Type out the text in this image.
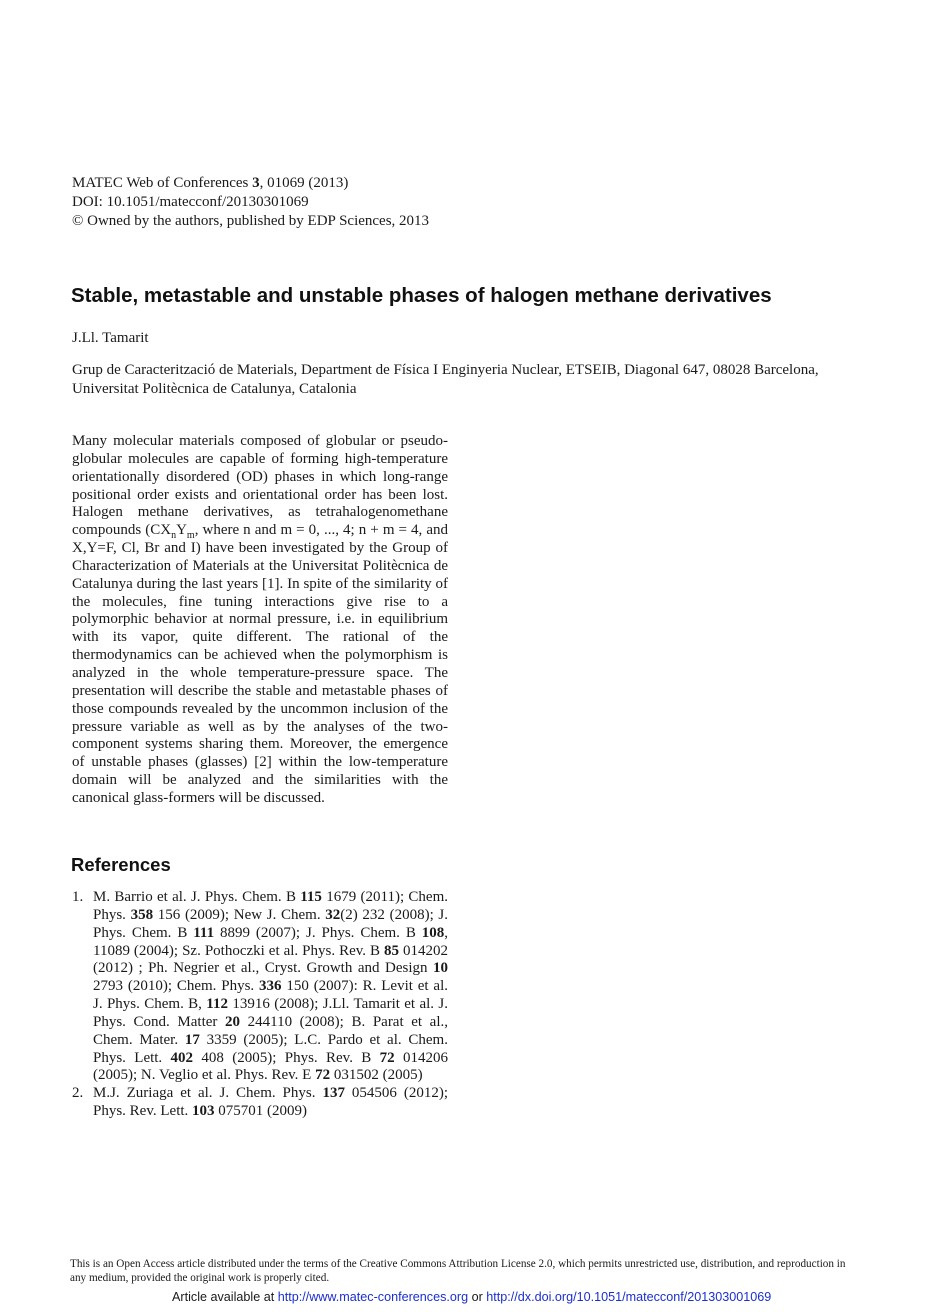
MATEC Web of Conferences 3, 01069 (2013)
DOI: 10.1051/matecconf/20130301069
© Owned by the authors, published by EDP Sciences, 2013
Stable, metastable and unstable phases of halogen methane derivatives
J.Ll. Tamarit
Grup de Caracterització de Materials, Department de Física I Enginyeria Nuclear, ETSEIB, Diagonal 647, 08028 Barcelona, Universitat Politècnica de Catalunya, Catalonia
Many molecular materials composed of globular or pseudo-globular molecules are capable of forming high-temperature orientationally disordered (OD) phases in which long-range positional order exists and orientational order has been lost. Halogen methane derivatives, as tetrahalogenomethane compounds ($CX_nY_m$, where n and m = 0, ..., 4; n + m = 4, and X,Y=F, Cl, Br and I) have been investigated by the Group of Characterization of Materials at the Universitat Politècnica de Catalunya during the last years [1]. In spite of the similarity of the molecules, fine tuning interactions give rise to a polymorphic behavior at normal pressure, i.e. in equilibrium with its vapor, quite different. The rational of the thermodynamics can be achieved when the polymorphism is analyzed in the whole temperature-pressure space. The presentation will describe the stable and metastable phases of those compounds revealed by the uncommon inclusion of the pressure variable as well as by the analyses of the two-component systems sharing them. Moreover, the emergence of unstable phases (glasses) [2] within the low-temperature domain will be analyzed and the similarities with the canonical glass-formers will be discussed.
References
1. M. Barrio et al. J. Phys. Chem. B 115 1679 (2011); Chem. Phys. 358 156 (2009); New J. Chem. 32(2) 232 (2008); J. Phys. Chem. B 111 8899 (2007); J. Phys. Chem. B 108, 11089 (2004); Sz. Pothoczki et al. Phys. Rev. B 85 014202 (2012) ; Ph. Negrier et al., Cryst. Growth and Design 10 2793 (2010); Chem. Phys. 336 150 (2007): R. Levit et al. J. Phys. Chem. B, 112 13916 (2008); J.Ll. Tamarit et al. J. Phys. Cond. Matter 20 244110 (2008); B. Parat et al., Chem. Mater. 17 3359 (2005); L.C. Pardo et al. Chem. Phys. Lett. 402 408 (2005); Phys. Rev. B 72 014206 (2005); N. Veglio et al. Phys. Rev. E 72 031502 (2005)
2. M.J. Zuriaga et al. J. Chem. Phys. 137 054506 (2012); Phys. Rev. Lett. 103 075701 (2009)
This is an Open Access article distributed under the terms of the Creative Commons Attribution License 2.0, which permits unrestricted use, distribution, and reproduction in any medium, provided the original work is properly cited.
Article available at http://www.matec-conferences.org or http://dx.doi.org/10.1051/matecconf/201303001069
